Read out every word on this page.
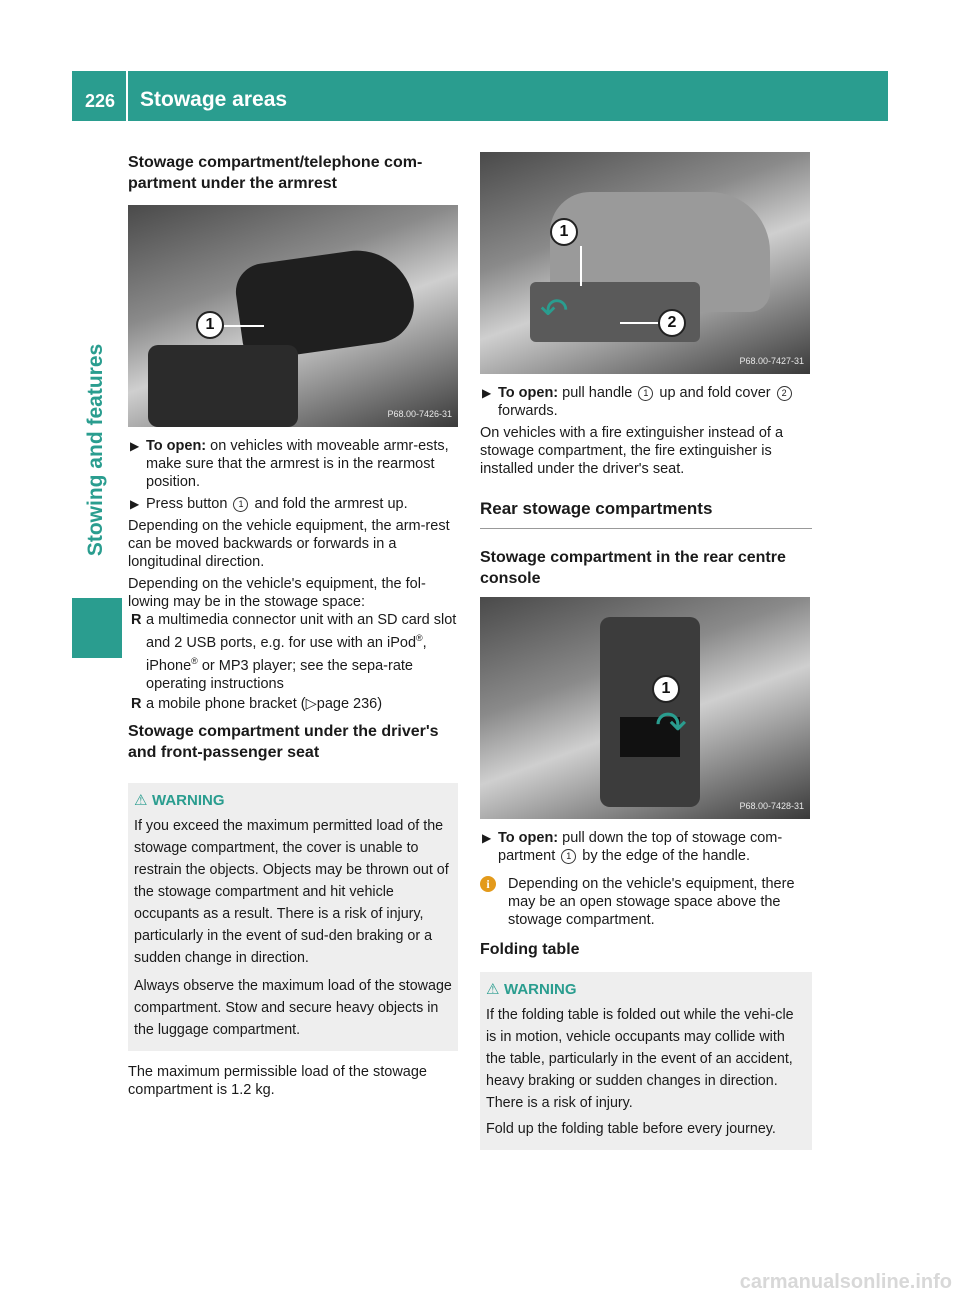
226	Stowage areas
Stowing and features
Stowage compartment/telephone com-
partment under the armrest
1
P68.00-7426-31
▶ To open: on vehicles with moveable armr-ests, make sure that the armrest is in the rearmost position.
▶ Press button 1 and fold the armrest up.

Depending on the vehicle equipment, the arm-rest can be moved backwards or forwards in a longitudinal direction.

Depending on the vehicle's equipment, the fol-lowing may be in the stowage space:

R a multimedia connector unit with an SD card slot and 2 USB ports, e.g. for use with an iPod®, iPhone® or MP3 player; see the sepa-rate operating instructions
R a mobile phone bracket (▷page 236)
Stowage compartment under the driver's and front-passenger seat
⚠ WARNING

If you exceed the maximum permitted load of the stowage compartment, the cover is unable to restrain the objects. Objects may be thrown out of the stowage compartment and hit vehicle occupants as a result. There is a risk of injury, particularly in the event of sud-den braking or a sudden change in direction.

Always observe the maximum load of the stowage compartment. Stow and secure heavy objects in the luggage compartment.

The maximum permissible load of the stowage compartment is 1.2 kg.

↶
1
2
P68.00-7427-31
▶ To open: pull handle 1 up and fold cover 2 forwards.

On vehicles with a fire extinguisher instead of a stowage compartment, the fire extinguisher is installed under the driver's seat.

Rear stowage compartments
Stowage compartment in the rear centre console
↷
1
P68.00-7428-31
▶ To open: pull down the top of stowage com-partment 1 by the edge of the handle.
i	Depending on the vehicle's equipment, there may be an open stowage space above the stowage compartment.
Folding table
⚠ WARNING

If the folding table is folded out while the vehi-cle is in motion, vehicle occupants may collide with the table, particularly in the event of an accident, heavy braking or sudden changes in direction. There is a risk of injury.

Fold up the folding table before every journey.

carmanualsonline.info
